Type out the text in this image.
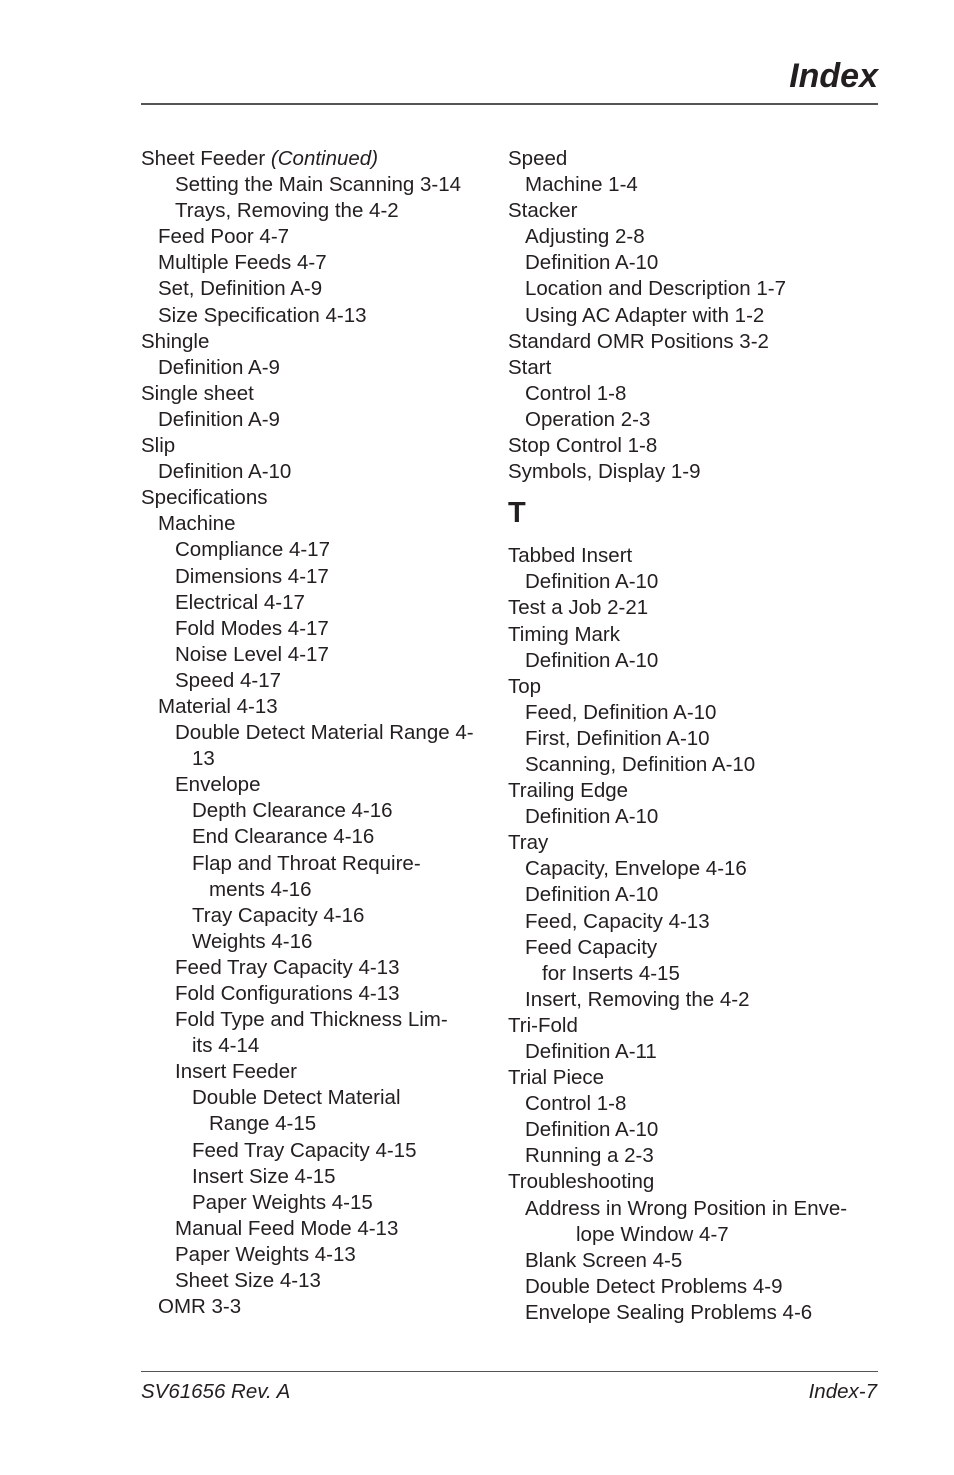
Index
Sheet Feeder (Continued)
Setting the Main Scanning 3-14
Trays, Removing the 4-2
Feed Poor 4-7
Multiple Feeds 4-7
Set, Definition A-9
Size Specification 4-13
Shingle
Definition A-9
Single sheet
Definition A-9
Slip
Definition A-10
Specifications
Machine
Compliance 4-17
Dimensions 4-17
Electrical 4-17
Fold Modes 4-17
Noise Level 4-17
Speed 4-17
Material 4-13
Double Detect Material Range 4-
13
Envelope
Depth Clearance 4-16
End Clearance 4-16
Flap and Throat Require-
ments 4-16
Tray Capacity 4-16
Weights 4-16
Feed Tray Capacity 4-13
Fold Configurations 4-13
Fold Type and Thickness Lim-
its 4-14
Insert Feeder
Double Detect Material
Range 4-15
Feed Tray Capacity 4-15
Insert Size 4-15
Paper Weights 4-15
Manual Feed Mode 4-13
Paper Weights 4-13
Sheet Size 4-13
OMR 3-3
Speed
Machine 1-4
Stacker
Adjusting 2-8
Definition A-10
Location and Description 1-7
Using AC Adapter with 1-2
Standard OMR Positions 3-2
Start
Control 1-8
Operation 2-3
Stop Control 1-8
Symbols, Display 1-9
T
Tabbed Insert
Definition A-10
Test a Job 2-21
Timing Mark
Definition A-10
Top
Feed, Definition A-10
First, Definition A-10
Scanning, Definition A-10
Trailing Edge
Definition A-10
Tray
Capacity, Envelope 4-16
Definition A-10
Feed, Capacity 4-13
Feed Capacity
for Inserts 4-15
Insert, Removing the 4-2
Tri-Fold
Definition A-11
Trial Piece
Control 1-8
Definition A-10
Running a 2-3
Troubleshooting
Address in Wrong Position in Enve-
lope Window 4-7
Blank Screen 4-5
Double Detect Problems 4-9
Envelope Sealing Problems 4-6
SV61656 Rev. A	Index-7
